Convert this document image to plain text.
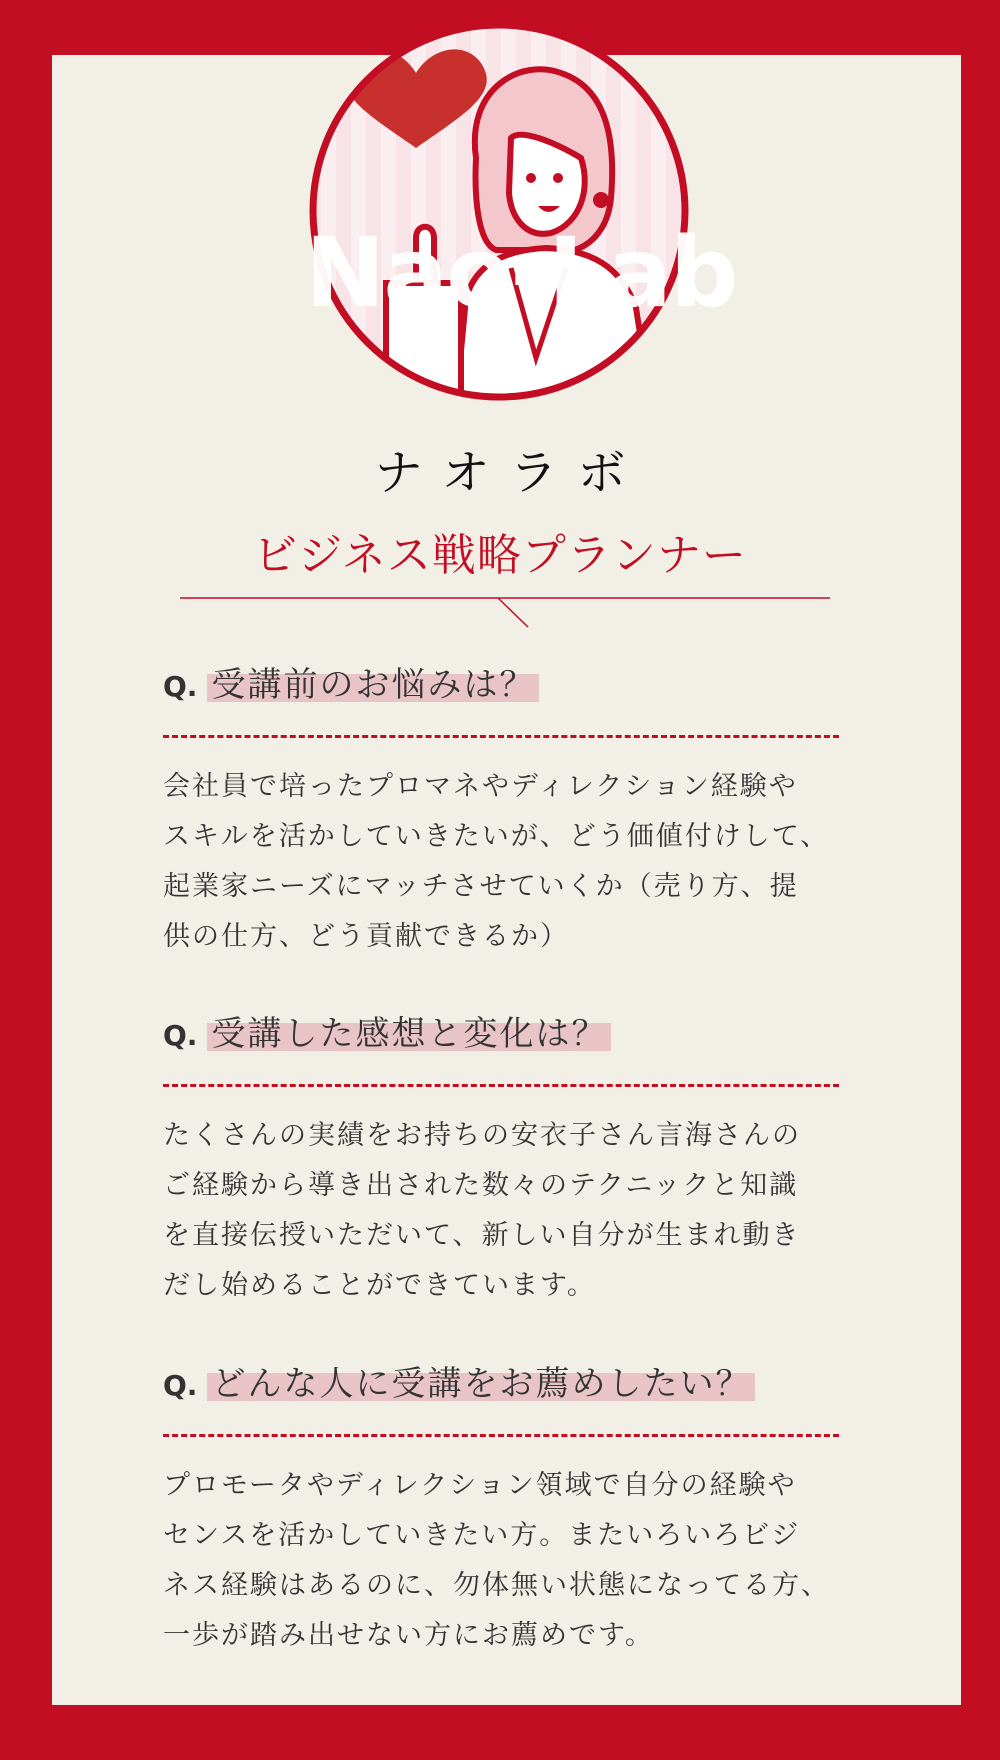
Nao-Lab
ナオラボ
ビジネス戦略プランナー
Q. 受講前のお悩みは？
会社員で培ったプロマネやディレクション経験や
スキルを活かしていきたいが、どう価値付けして、
起業家ニーズにマッチさせていくか（売り方、提
供の仕方、どう貢献できるか）
Q. 受講した感想と変化は？
たくさんの実績をお持ちの安衣子さん言海さんの
ご経験から導き出された数々のテクニックと知識
を直接伝授いただいて、新しい自分が生まれ動き
だし始めることができています。
Q. どんな人に受講をお薦めしたい？
プロモータやディレクション領域で自分の経験や
センスを活かしていきたい方。またいろいろビジ
ネス経験はあるのに、勿体無い状態になってる方、
一歩が踏み出せない方にお薦めです。
